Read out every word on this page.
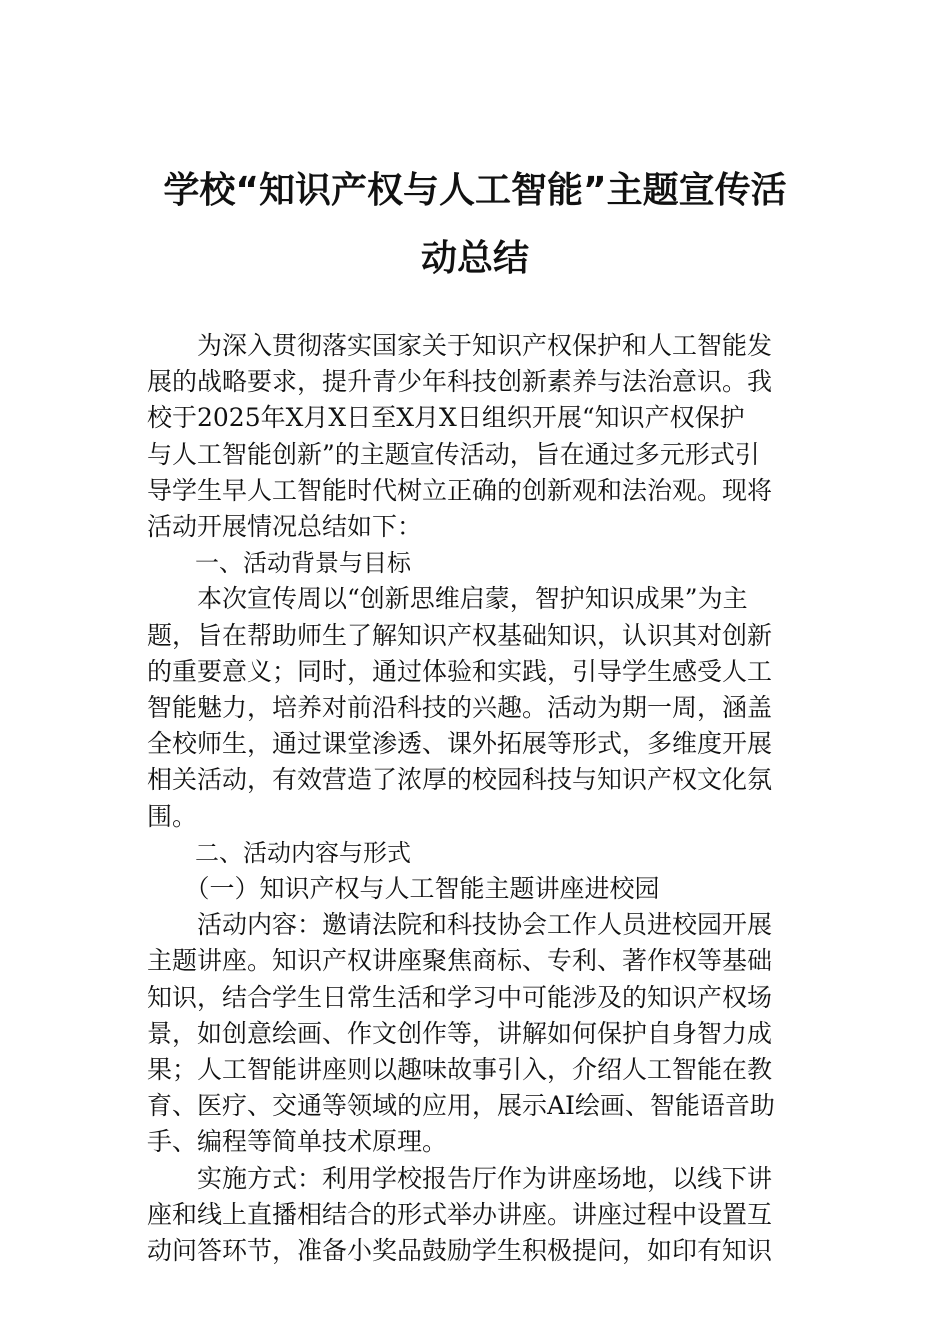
学校“知识产权与人工智能”主题宣传活
动总结
　　为深入贯彻落实国家关于知识产权保护和人工智能发
展的战略要求，提升青少年科技创新素养与法治意识。我
校于2025年X月X日至X月X日组织开展“知识产权保护
与人工智能创新”的主题宣传活动，旨在通过多元形式引
导学生早人工智能时代树立正确的创新观和法治观。现将
活动开展情况总结如下：
　　一、活动背景与目标
　　本次宣传周以“创新思维启蒙，智护知识成果”为主
题，旨在帮助师生了解知识产权基础知识，认识其对创新
的重要意义；同时，通过体验和实践，引导学生感受人工
智能魅力，培养对前沿科技的兴趣。活动为期一周，涵盖
全校师生，通过课堂渗透、课外拓展等形式，多维度开展
相关活动，有效营造了浓厚的校园科技与知识产权文化氛
围。
　　二、活动内容与形式
　　（一）知识产权与人工智能主题讲座进校园
　　活动内容：邀请法院和科技协会工作人员进校园开展
主题讲座。知识产权讲座聚焦商标、专利、著作权等基础
知识，结合学生日常生活和学习中可能涉及的知识产权场
景，如创意绘画、作文创作等，讲解如何保护自身智力成
果；人工智能讲座则以趣味故事引入，介绍人工智能在教
育、医疗、交通等领域的应用，展示AI绘画、智能语音助
手、编程等简单技术原理。
　　实施方式：利用学校报告厅作为讲座场地，以线下讲
座和线上直播相结合的形式举办讲座。讲座过程中设置互
动问答环节，准备小奖品鼓励学生积极提问，如印有知识
